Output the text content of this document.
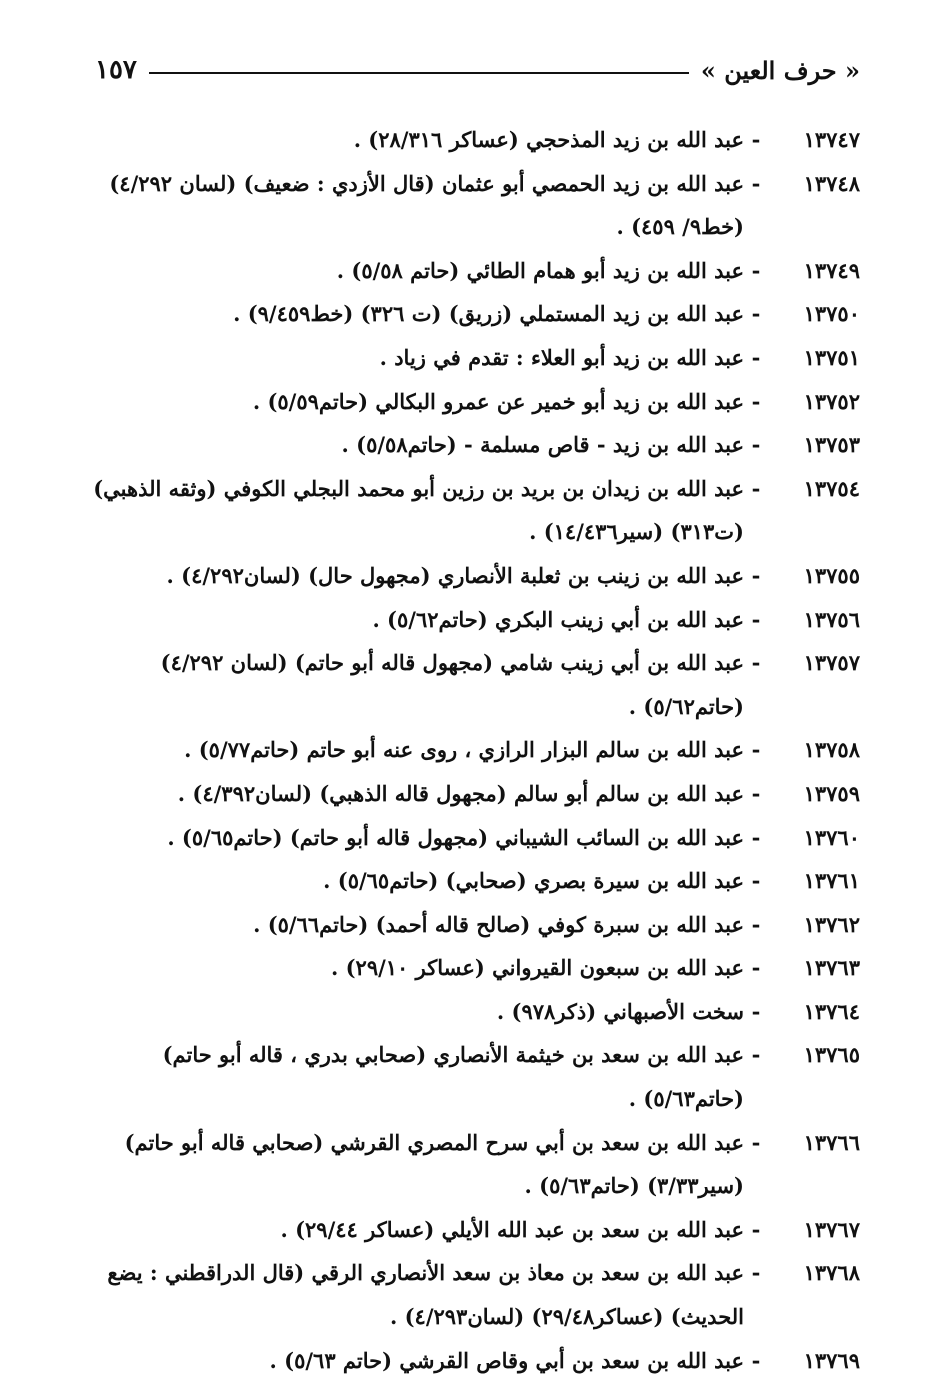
« حرف العين »
١٥٧
١٣٧٤٧
-
عبد الله بن زيد المذحجي (عساكر ٢٨/٣١٦) .
١٣٧٤٨
-
عبد الله بن زيد الحمصي أبو عثمان (قال الأزدي : ضعيف) (لسان ٤/٢٩٢) (خط٩/ ٤٥٩) .
١٣٧٤٩
-
عبد الله بن زيد أبو همام الطائي (حاتم ٥/٥٨) .
١٣٧٥٠
-
عبد الله بن زيد المستملي (زريق) (ت ٣٢٦) (خط٩/٤٥٩) .
١٣٧٥١
-
عبد الله بن زيد أبو العلاء : تقدم في زياد .
١٣٧٥٢
-
عبد الله بن زيد أبو خمير عن عمرو البكالي (حاتم٥/٥٩) .
١٣٧٥٣
-
عبد الله بن زيد - قاص مسلمة - (حاتم٥/٥٨) .
١٣٧٥٤
-
عبد الله بن زيدان بن بريد بن رزين أبو محمد البجلي الكوفي (وثقه الذهبي) (ت٣١٣) (سير١٤/٤٣٦) .
١٣٧٥٥
-
عبد الله بن زينب بن ثعلبة الأنصاري (مجهول حال) (لسان٤/٢٩٢) .
١٣٧٥٦
-
عبد الله بن أبي زينب البكري (حاتم٥/٦٢) .
١٣٧٥٧
-
عبد الله بن أبي زينب شامي (مجهول قاله أبو حاتم) (لسان ٤/٢٩٢) (حاتم٥/٦٢) .
١٣٧٥٨
-
عبد الله بن سالم البزار الرازي ، روى عنه أبو حاتم (حاتم٥/٧٧) .
١٣٧٥٩
-
عبد الله بن سالم أبو سالم (مجهول قاله الذهبي) (لسان٤/٣٩٢) .
١٣٧٦٠
-
عبد الله بن السائب الشيباني (مجهول قاله أبو حاتم) (حاتم٥/٦٥) .
١٣٧٦١
-
عبد الله بن سيرة بصري (صحابي) (حاتم٥/٦٥) .
١٣٧٦٢
-
عبد الله بن سبرة كوفي (صالح قاله أحمد) (حاتم٥/٦٦) .
١٣٧٦٣
-
عبد الله بن سبعون القيرواني (عساكر ٢٩/١٠) .
١٣٧٦٤
-
سخت الأصبهاني (ذكر٩٧٨) .
١٣٧٦٥
-
عبد الله بن سعد بن خيثمة الأنصاري (صحابي بدري ، قاله أبو حاتم) (حاتم٥/٦٣) .
١٣٧٦٦
-
عبد الله بن سعد بن أبي سرح المصري القرشي (صحابي قاله أبو حاتم) (سير٣/٣٣) (حاتم٥/٦٣) .
١٣٧٦٧
-
عبد الله بن سعد بن عبد الله الأيلي (عساكر ٢٩/٤٤) .
١٣٧٦٨
-
عبد الله بن سعد بن معاذ بن سعد الأنصاري الرقي (قال الدراقطني : يضع الحديث) (عساكر٢٩/٤٨) (لسان٤/٢٩٣) .
١٣٧٦٩
-
عبد الله بن سعد بن أبي وقاص القرشي (حاتم ٥/٦٣) .
